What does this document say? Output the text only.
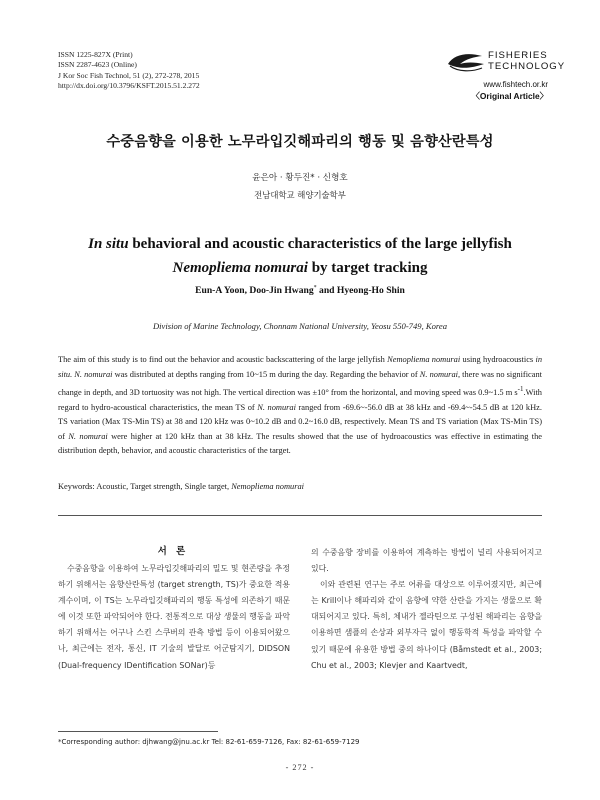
ISSN 1225-827X (Print)
ISSN 2287-4623 (Online)
J Kor Soc Fish Technol, 51 (2), 272-278, 2015
http://dx.doi.org/10.3796/KSFT.2015.51.2.272
FISHERIES
TECHNOLOGY
www.fishtech.or.kr
〈Original Article〉
수중음향을 이용한 노무라입깃해파리의 행동 및 음향산란특성
윤은아 · 황두진* · 신형호
전남대학교 해양기술학부
In situ behavioral and acoustic characteristics of the large jellyfish
Nemopliema nomurai by target tracking
Eun-A Yoon, Doo-Jin Hwang* and Hyeong-Ho Shin
Division of Marine Technology, Chonnam National University, Yeosu 550-749, Korea
The aim of this study is to find out the behavior and acoustic backscattering of the large jellyfish Nemopliema nomurai using hydroacoustics in situ. N. nomurai was distributed at depths ranging from 10~15 m during the day. Regarding the behavior of N. nomurai, there was no significant change in depth, and 3D tortuosity was not high. The vertical direction was ±10° from the horizontal, and moving speed was 0.9~1.5 m $s^{-1}.With$ regard to hydro-acoustical characteristics, the mean TS of N. nomurai ranged from -69.6~-56.0 dB at 38 kHz and -69.4~-54.5 dB at 120 kHz. TS variation (Max TS-Min TS) at 38 and 120 kHz was 0~10.2 dB and 0.2~16.0 dB, respectively. Mean TS and TS variation (Max TS-Min TS) of N. nomurai were higher at 120 kHz than at 38 kHz. The results showed that the use of hydroacoustics was effective in estimating the distribution depth, behavior, and acoustic characteristics of the target.
Keywords: Acoustic, Target strength, Single target, Nemopliema nomurai
서 론
수중음향을 이용하여 노무라입깃해파리의 밀도 및 현존량을 추정하기 위해서는 음향산란특성 (target strength, TS)가 중요한 적용 계수이며, 이 TS는 노무라입깃해파리의 행동 특성에 의존하기 때문에 이것 또한 파악되어야 한다. 전통적으로 대상 생물의 행동을 파악하기 위해서는 어구나 스킨 스쿠버의 관측 방법 등이 이용되어왔으나, 최근에는 전자, 통신, IT 기술의 발달로 어군탐지기, DIDSON (Dual-frequency IDentification SONar)등
의 수중음향 장비를 이용하여 계측하는 방법이 널리 사용되어지고 있다.
이와 관련된 연구는 주로 어류를 대상으로 이루어졌지만, 최근에는 Krill이나 해파리와 같이 음향에 약한 산란을 가지는 생물으로 확대되어지고 있다. 특히, 체내가 젤라틴으로 구성된 해파리는 음향을 이용하면 샘플의 손상과 외부자극 없이 행동학적 특성을 파악할 수 있기 때문에 유용한 방법 중의 하나이다 (Båmstedt et al., 2003; Chu et al., 2003; Klevjer and Kaartvedt,
*Corresponding author: djhwang@jnu.ac.kr Tel: 82-61-659-7126, Fax: 82-61-659-7129
- 272 -
